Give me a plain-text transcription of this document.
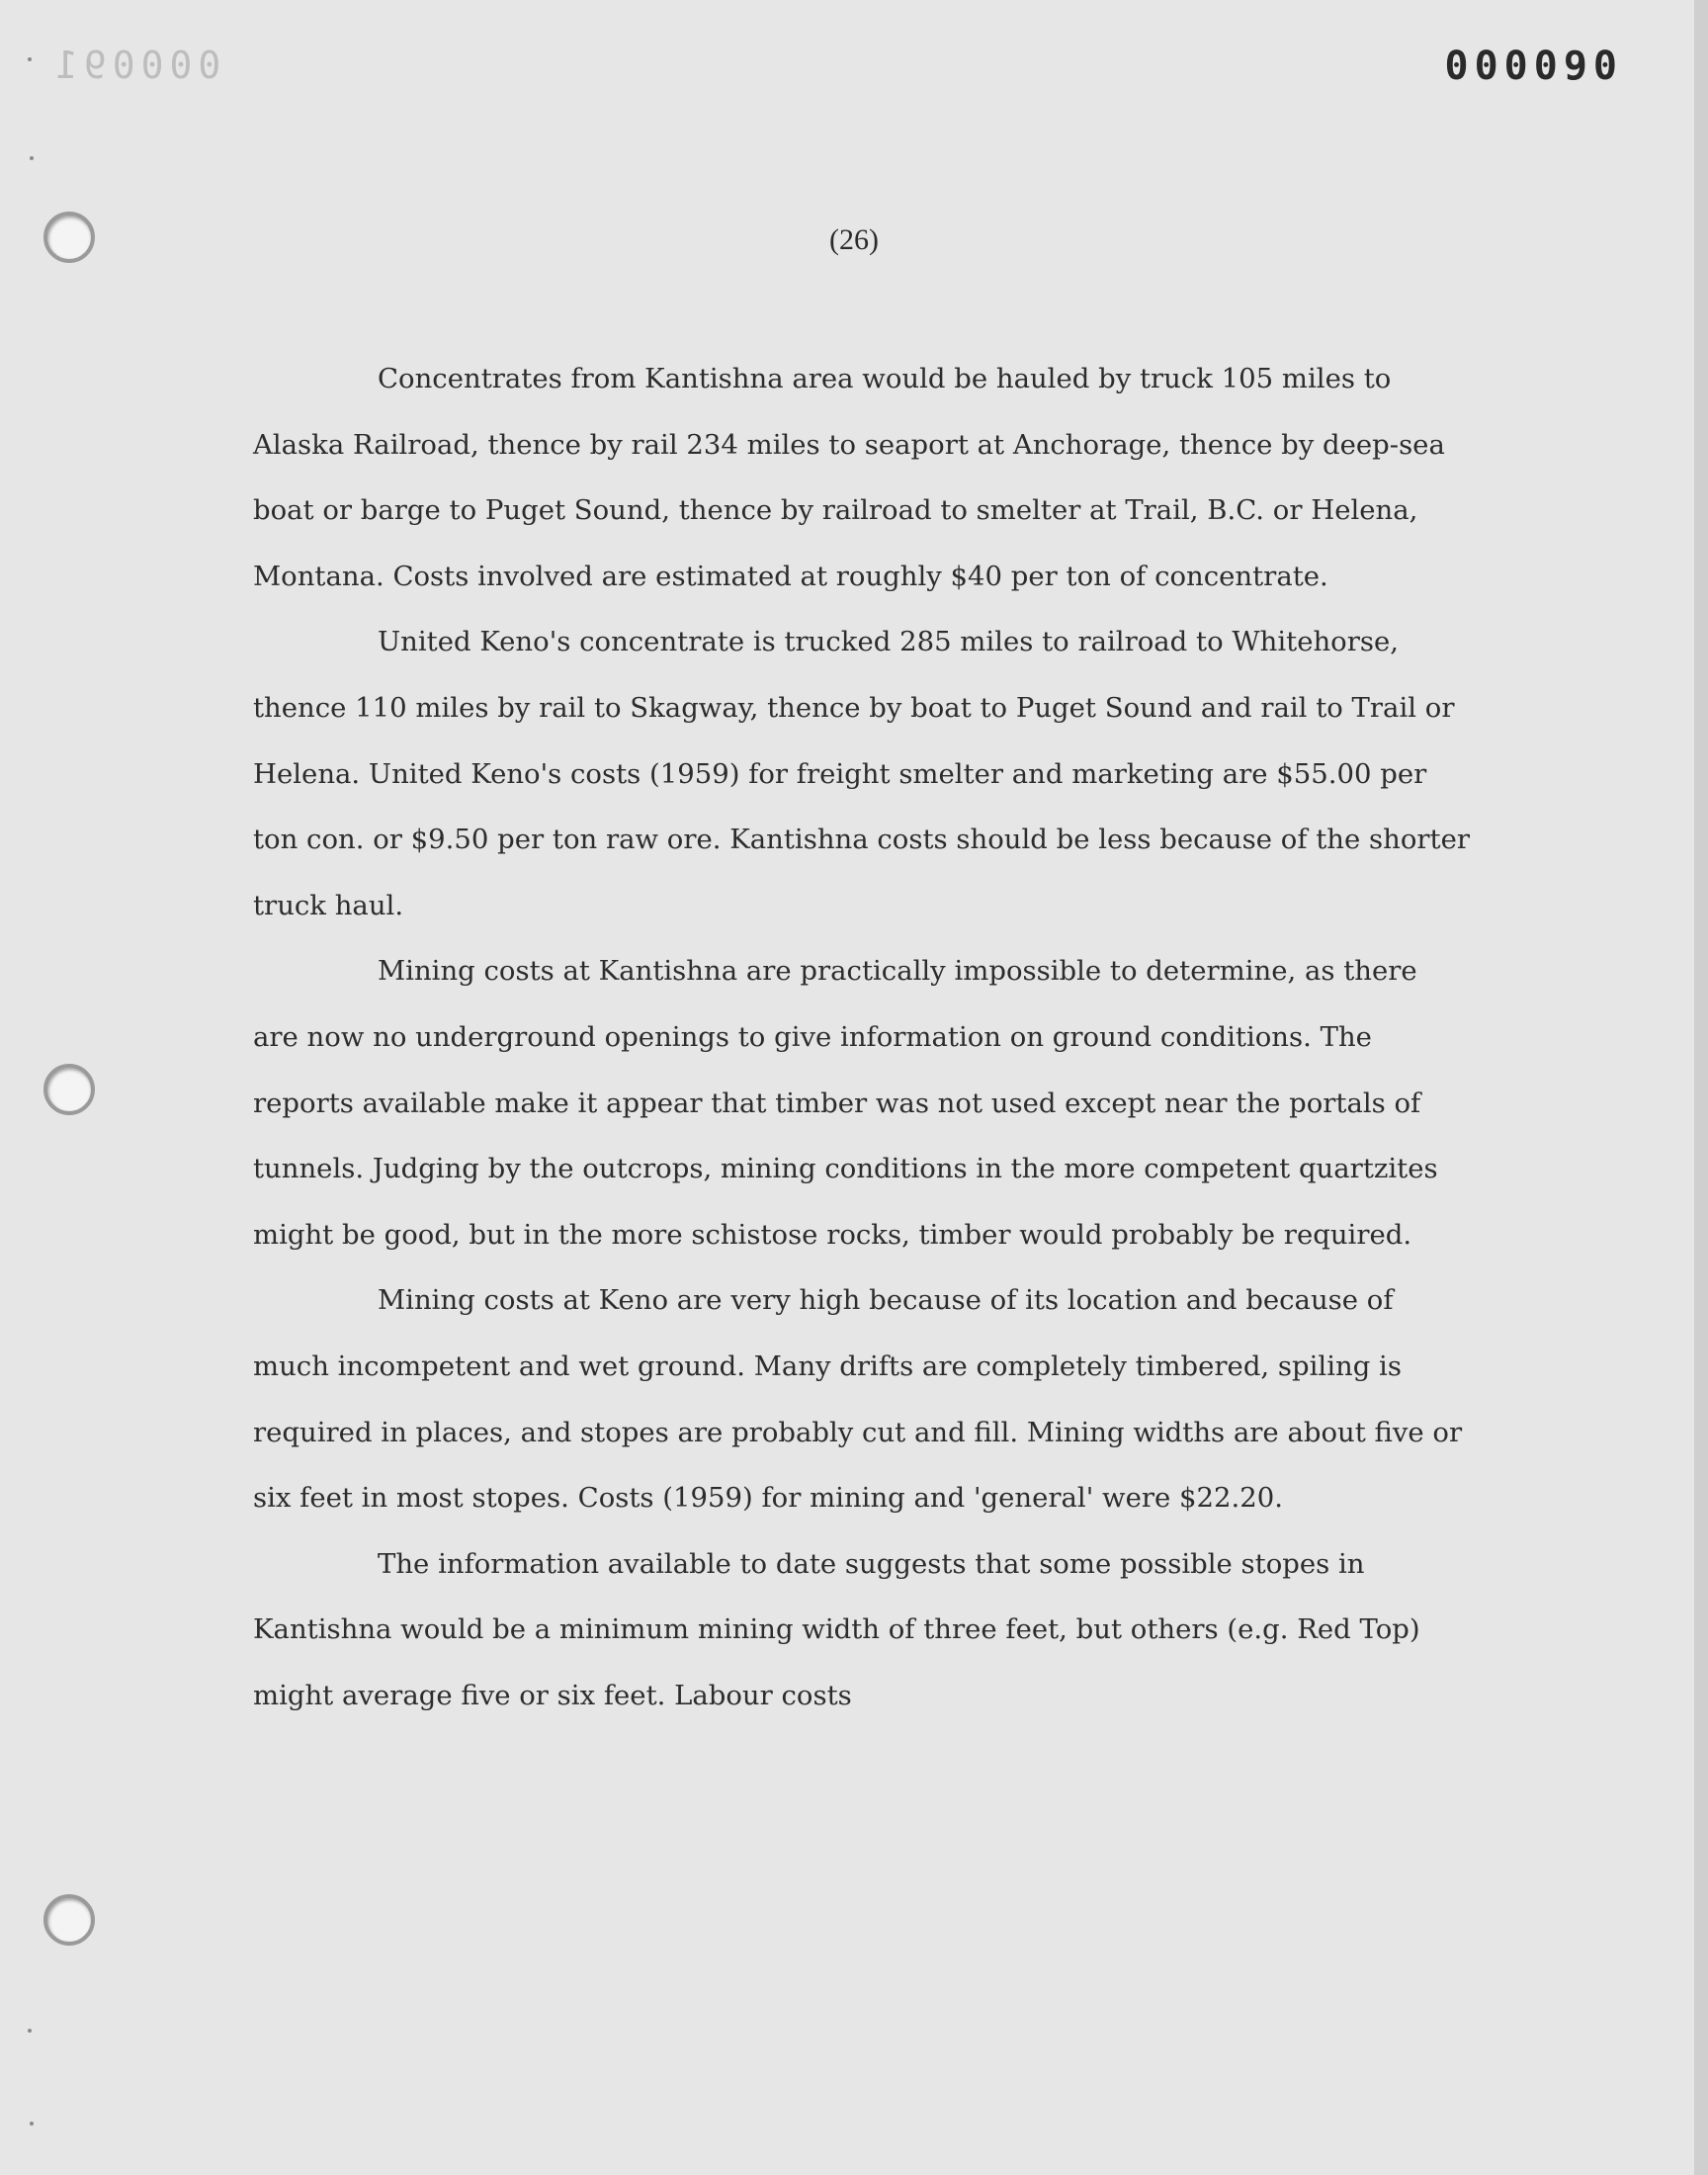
000091	000090
(26)

Concentrates from Kantishna area would be hauled by truck 105 miles to Alaska Railroad, thence by rail 234 miles to seaport at Anchorage, thence by deep-sea boat or barge to Puget Sound, thence by railroad to smelter at Trail, B.C. or Helena, Montana. Costs involved are estimated at roughly $40 per ton of concentrate.

United Keno's concentrate is trucked 285 miles to railroad to Whitehorse, thence 110 miles by rail to Skagway, thence by boat to Puget Sound and rail to Trail or Helena. United Keno's costs (1959) for freight smelter and marketing are $55.00 per ton con. or $9.50 per ton raw ore. Kantishna costs should be less because of the shorter truck haul.

Mining costs at Kantishna are practically impossible to determine, as there are now no underground openings to give information on ground conditions. The reports available make it appear that timber was not used except near the portals of tunnels. Judging by the outcrops, mining conditions in the more competent quartzites might be good, but in the more schistose rocks, timber would probably be required.

Mining costs at Keno are very high because of its location and because of much incompetent and wet ground. Many drifts are completely timbered, spiling is required in places, and stopes are probably cut and fill. Mining widths are about five or six feet in most stopes. Costs (1959) for mining and 'general' were $22.20.

The information available to date suggests that some possible stopes in Kantishna would be a minimum mining width of three feet, but others (e.g. Red Top) might average five or six feet. Labour costs
